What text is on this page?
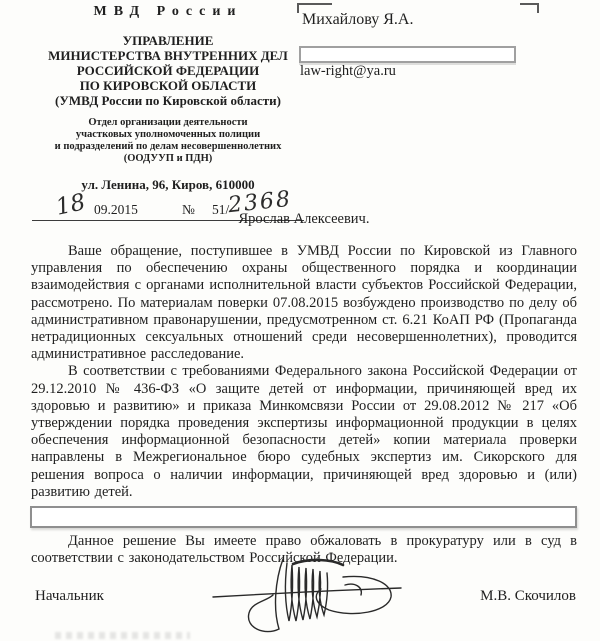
МВД России
УПРАВЛЕНИЕ
МИНИСТЕРСТВА ВНУТРЕННИХ ДЕЛ
РОССИЙСКОЙ ФЕДЕРАЦИИ
ПО КИРОВСКОЙ ОБЛАСТИ
(УМВД России по Кировской области)
Отдел организации деятельности
участковых уполномоченных полиции
и подразделений по делам несовершеннолетних
(ООДУУП и ПДН)
ул. Ленина, 96, Киров, 610000
18 09.2015	№ 51/
2368
Михайлову Я.А.
law-right@ya.ru
Ярослав Алексеевич.

Ваше обращение, поступившее в УМВД России по Кировской из Главного управления по обеспечению охраны общественного порядка и координации взаимодействия с органами исполнительной власти субъектов Российской Федерации, рассмотрено. По материалам поверки 07.08.2015 возбуждено производство по делу об административном правонарушении, предусмотренном ст. 6.21 КоАП РФ (Пропаганда нетрадиционных сексуальных отношений среди несовершеннолетних), проводится административное расследование.

В соответствии с требованиями Федерального закона Российской Федерации от 29.12.2010 № 436-ФЗ «О защите детей от информации, причиняющей вред их здоровью и развитию» и приказа Минкомсвязи России от 29.08.2012 № 217 «Об утверждении порядка проведения экспертизы информационной продукции в целях обеспечения информационной безопасности детей» копии материала проверки направлены в Межрегиональное бюро судебных экспертиз им. Сикорского для решения вопроса о наличии информации, причиняющей вред здоровью и (или) развитию детей.

Данное решение Вы имеете право обжаловать в прокуратуру или в суд в соответствии с законодательством Российской Федерации.

Начальник	М.В. Скочилов
